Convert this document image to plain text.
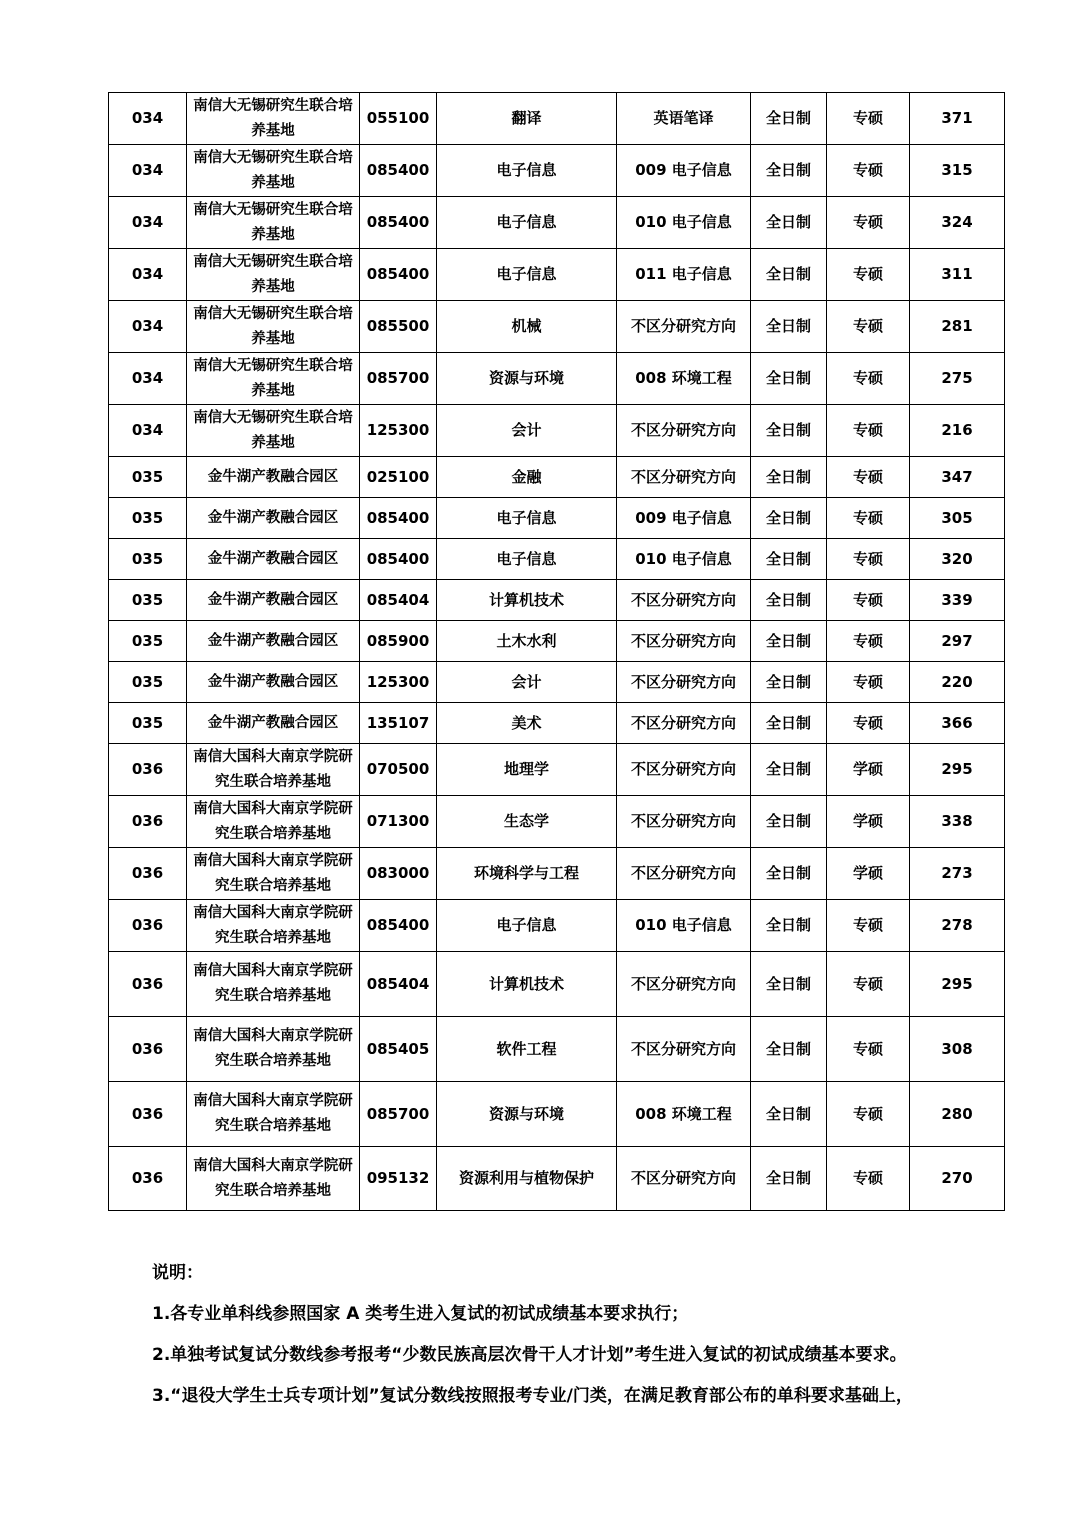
034	南信大无锡研究生联合培养基地	055100	翻译	英语笔译	全日制	专硕	371
034	南信大无锡研究生联合培养基地	085400	电子信息	009 电子信息	全日制	专硕	315
034	南信大无锡研究生联合培养基地	085400	电子信息	010 电子信息	全日制	专硕	324
034	南信大无锡研究生联合培养基地	085400	电子信息	011 电子信息	全日制	专硕	311
034	南信大无锡研究生联合培养基地	085500	机械	不区分研究方向	全日制	专硕	281
034	南信大无锡研究生联合培养基地	085700	资源与环境	008 环境工程	全日制	专硕	275
034	南信大无锡研究生联合培养基地	125300	会计	不区分研究方向	全日制	专硕	216
035	金牛湖产教融合园区	025100	金融	不区分研究方向	全日制	专硕	347
035	金牛湖产教融合园区	085400	电子信息	009 电子信息	全日制	专硕	305
035	金牛湖产教融合园区	085400	电子信息	010 电子信息	全日制	专硕	320
035	金牛湖产教融合园区	085404	计算机技术	不区分研究方向	全日制	专硕	339
035	金牛湖产教融合园区	085900	土木水利	不区分研究方向	全日制	专硕	297
035	金牛湖产教融合园区	125300	会计	不区分研究方向	全日制	专硕	220
035	金牛湖产教融合园区	135107	美术	不区分研究方向	全日制	专硕	366
036	南信大国科大南京学院研究生联合培养基地	070500	地理学	不区分研究方向	全日制	学硕	295
036	南信大国科大南京学院研究生联合培养基地	071300	生态学	不区分研究方向	全日制	学硕	338
036	南信大国科大南京学院研究生联合培养基地	083000	环境科学与工程	不区分研究方向	全日制	学硕	273
036	南信大国科大南京学院研究生联合培养基地	085400	电子信息	010 电子信息	全日制	专硕	278
036	南信大国科大南京学院研究生联合培养基地	085404	计算机技术	不区分研究方向	全日制	专硕	295
036	南信大国科大南京学院研究生联合培养基地	085405	软件工程	不区分研究方向	全日制	专硕	308
036	南信大国科大南京学院研究生联合培养基地	085700	资源与环境	008 环境工程	全日制	专硕	280
036	南信大国科大南京学院研究生联合培养基地	095132	资源利用与植物保护	不区分研究方向	全日制	专硕	270
说明：
1.各专业单科线参照国家 A 类考生进入复试的初试成绩基本要求执行；
2.单独考试复试分数线参考报考“少数民族高层次骨干人才计划”考生进入复试的初试成绩基本要求。
3.“退役大学生士兵专项计划”复试分数线按照报考专业/门类，在满足教育部公布的单科要求基础上，
